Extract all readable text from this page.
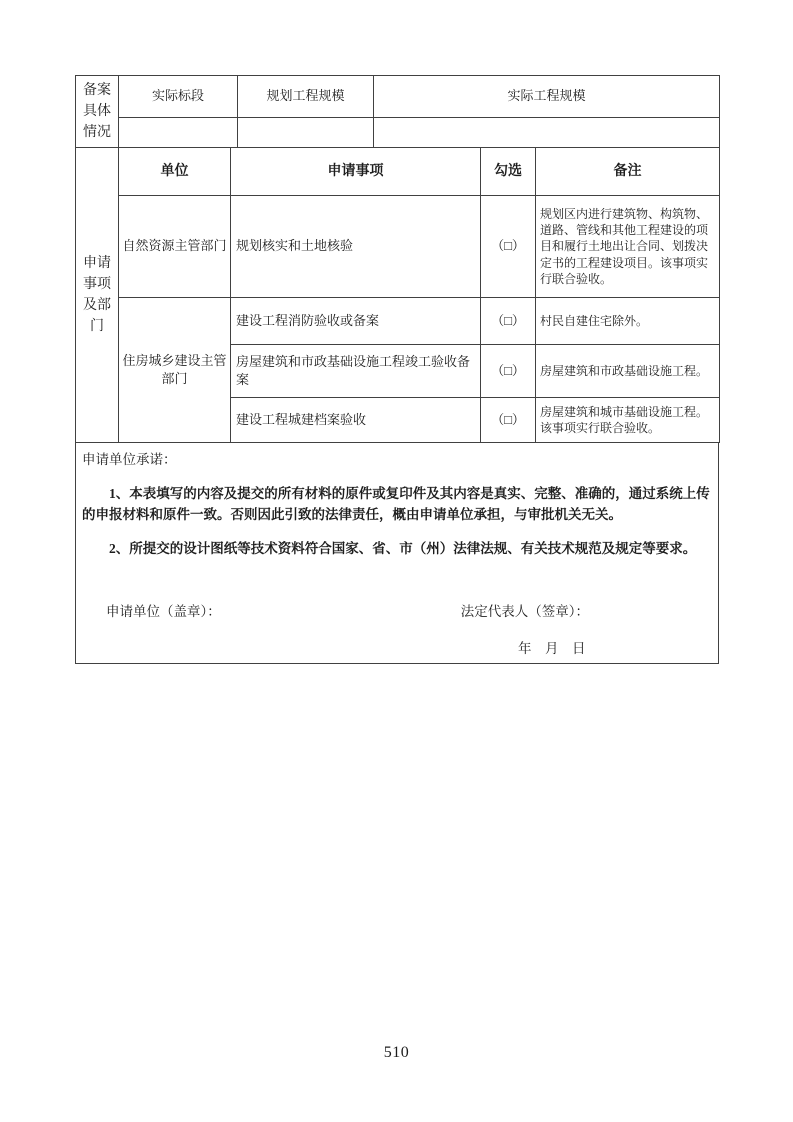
备案具体情况	实际标段	规划工程规模	实际工程规模

申请事项及部门	单位	申请事项	勾选	备注
	自然资源主管部门	规划核实和土地核验	（□）	规划区内进行建筑物、构筑物、道路、管线和其他工程建设的项目和履行土地出让合同、划拨决定书的工程建设项目。该事项实行联合验收。
	住房城乡建设主管部门	建设工程消防验收或备案	（□）	村民自建住宅除外。
		房屋建筑和市政基础设施工程竣工验收备案	（□）	房屋建筑和市政基础设施工程。
		建设工程城建档案验收	（□）	房屋建筑和城市基础设施工程。该事项实行联合验收。
申请单位承诺：

1、本表填写的内容及提交的所有材料的原件或复印件及其内容是真实、完整、准确的，通过系统上传的申报材料和原件一致。否则因此引致的法律责任，概由申请单位承担，与审批机关无关。

2、所提交的设计图纸等技术资料符合国家、省、市（州）法律法规、有关技术规范及规定等要求。

申请单位（盖章）：	法定代表人（签章）：
年　月　日
510
